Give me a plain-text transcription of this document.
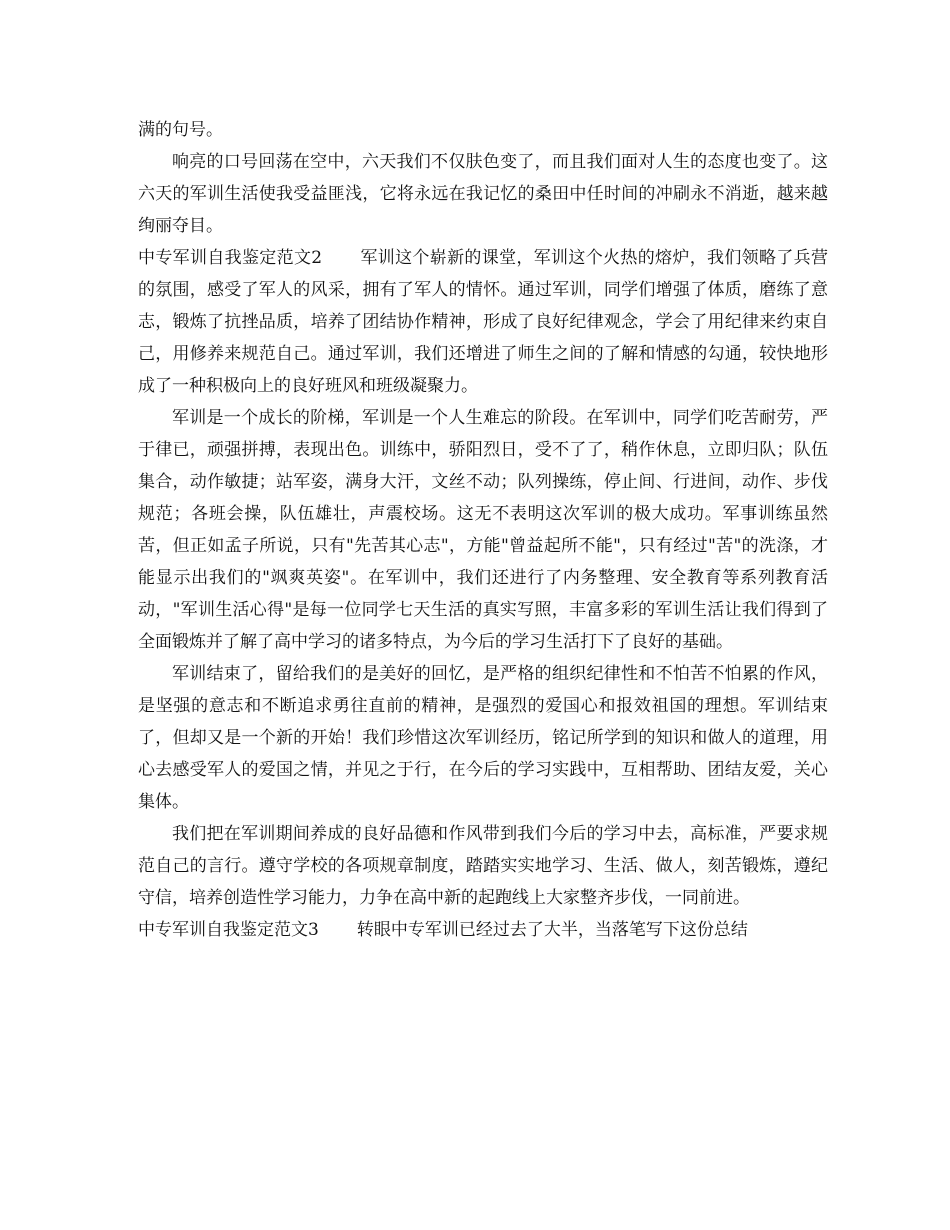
满的句号。

响亮的口号回荡在空中，六天我们不仅肤色变了，而且我们面对人生的态度也变了。这六天的军训生活使我受益匪浅，它将永远在我记忆的桑田中任时间的冲刷永不消逝，越来越绚丽夺目。

中专军训自我鉴定范文2 军训这个崭新的课堂，军训这个火热的熔炉，我们领略了兵营的氛围，感受了军人的风采，拥有了军人的情怀。通过军训，同学们增强了体质，磨练了意志，锻炼了抗挫品质，培养了团结协作精神，形成了良好纪律观念，学会了用纪律来约束自己，用修养来规范自己。通过军训，我们还增进了师生之间的了解和情感的勾通，较快地形成了一种积极向上的良好班风和班级凝聚力。

军训是一个成长的阶梯，军训是一个人生难忘的阶段。在军训中，同学们吃苦耐劳，严于律已，顽强拼搏，表现出色。训练中，骄阳烈日，受不了了，稍作休息，立即归队；队伍集合，动作敏捷；站军姿，满身大汗，文丝不动；队列操练，停止间、行进间，动作、步伐规范；各班会操，队伍雄壮，声震校场。这无不表明这次军训的极大成功。军事训练虽然苦，但正如孟子所说，只有"先苦其心志"，方能"曾益起所不能"，只有经过"苦"的洗涤，才能显示出我们的"飒爽英姿"。在军训中，我们还进行了内务整理、安全教育等系列教育活动，"军训生活心得"是每一位同学七天生活的真实写照，丰富多彩的军训生活让我们得到了全面锻炼并了解了高中学习的诸多特点，为今后的学习生活打下了良好的基础。

军训结束了，留给我们的是美好的回忆，是严格的组织纪律性和不怕苦不怕累的作风，是坚强的意志和不断追求勇往直前的精神，是强烈的爱国心和报效祖国的理想。军训结束了，但却又是一个新的开始！我们珍惜这次军训经历，铭记所学到的知识和做人的道理，用心去感受军人的爱国之情，并见之于行，在今后的学习实践中，互相帮助、团结友爱，关心集体。

我们把在军训期间养成的良好品德和作风带到我们今后的学习中去，高标准，严要求规范自己的言行。遵守学校的各项规章制度，踏踏实实地学习、生活、做人，刻苦锻炼，遵纪守信，培养创造性学习能力，力争在高中新的起跑线上大家整齐步伐，一同前进。

中专军训自我鉴定范文3 转眼中专军训已经过去了大半，当落笔写下这份总结
